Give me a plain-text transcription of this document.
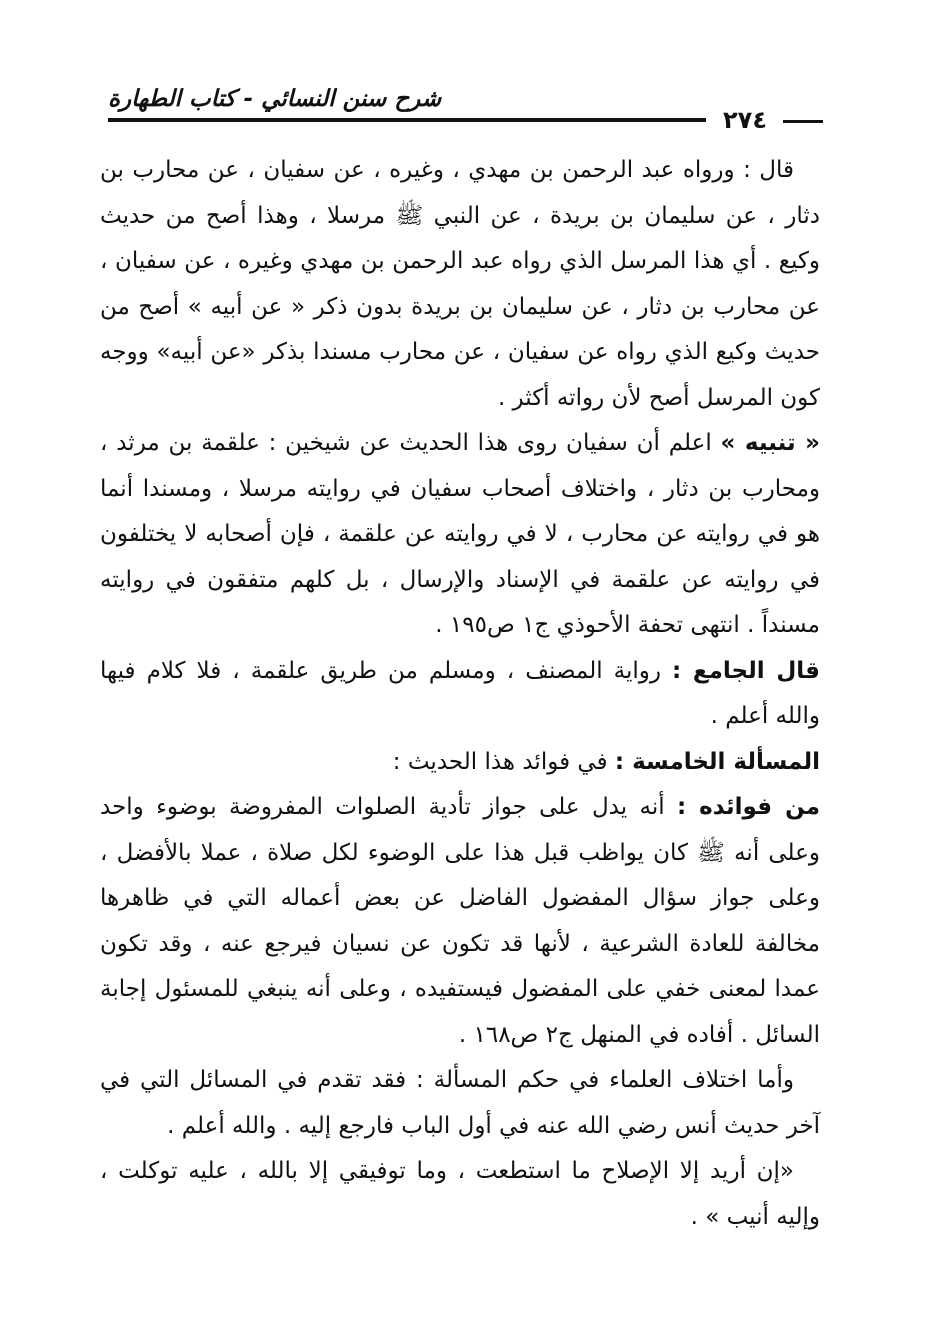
شرح سنن النسائي - كتاب الطهارة
٢٧٤

قال : ورواه عبد الرحمن بن مهدي ، وغيره ، عن سفيان ، عن محارب بن دثار ، عن سليمان بن بريدة ، عن النبي ﷺ مرسلا ، وهذا أصح من حديث وكيع . أي هذا المرسل الذي رواه عبد الرحمن بن مهدي وغيره ، عن سفيان ، عن محارب بن دثار ، عن سليمان بن بريدة بدون ذكر « عن أبيه » أصح من حديث وكيع الذي رواه عن سفيان ، عن محارب مسندا بذكر «عن أبيه» ووجه كون المرسل أصح لأن رواته أكثر .

« تنبيه » اعلم أن سفيان روى هذا الحديث عن شيخين : علقمة بن مرثد ، ومحارب بن دثار ، واختلاف أصحاب سفيان في روايته مرسلا ، ومسندا أنما هو في روايته عن محارب ، لا في روايته عن علقمة ، فإن أصحابه لا يختلفون في روايته عن علقمة في الإسناد والإرسال ، بل كلهم متفقون في روايته مسنداً . انتهى تحفة الأحوذي ج١ ص١٩٥ .

قال الجامع : رواية المصنف ، ومسلم من طريق علقمة ، فلا كلام فيها والله أعلم .

المسألة الخامسة : في فوائد هذا الحديث :

من فوائده : أنه يدل على جواز تأدية الصلوات المفروضة بوضوء واحد وعلى أنه ﷺ كان يواظب قبل هذا على الوضوء لكل صلاة ، عملا بالأفضل ، وعلى جواز سؤال المفضول الفاضل عن بعض أعماله التي في ظاهرها مخالفة للعادة الشرعية ، لأنها قد تكون عن نسيان فيرجع عنه ، وقد تكون عمدا لمعنى خفي على المفضول فيستفيده ، وعلى أنه ينبغي للمسئول إجابة السائل . أفاده في المنهل ج٢ ص١٦٨ .

وأما اختلاف العلماء في حكم المسألة : فقد تقدم في المسائل التي في آخر حديث أنس رضي الله عنه في أول الباب فارجع إليه . والله أعلم .

«إن أريد إلا الإصلاح ما استطعت ، وما توفيقي إلا بالله ، عليه توكلت ، وإليه أنيب » .
